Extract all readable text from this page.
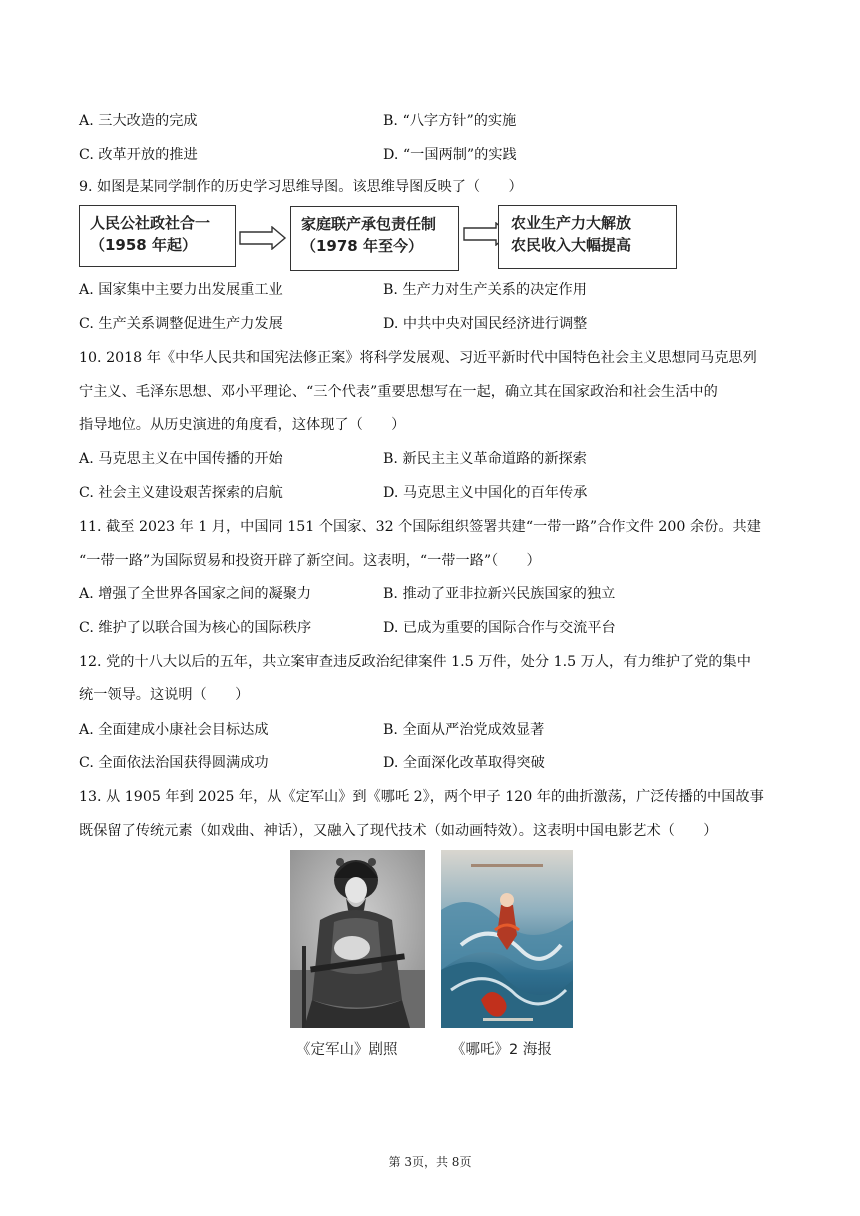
A. 三大改造的完成	B. “八字方针”的实施
C. 改革开放的推进	D. “一国两制”的实践
9. 如图是某同学制作的历史学习思维导图。该思维导图反映了（　　）
人民公社政社合一
（1958 年起）
家庭联产承包责任制
（1978 年至今）
农业生产力大解放
农民收入大幅提高
A. 国家集中主要力出发展重工业	B. 生产力对生产关系的决定作用
C. 生产关系调整促进生产力发展	D. 中共中央对国民经济进行调整
10. 2018 年《中华人民共和国宪法修正案》将科学发展观、习近平新时代中国特色社会主义思想同马克思列
宁主义、毛泽东思想、邓小平理论、“三个代表”重要思想写在一起，确立其在国家政治和社会生活中的
指导地位。从历史演进的角度看，这体现了（　　）
A. 马克思主义在中国传播的开始	B. 新民主主义革命道路的新探索
C. 社会主义建设艰苦探索的启航	D. 马克思主义中国化的百年传承
11. 截至 2023 年 1 月，中国同 151 个国家、32 个国际组织签署共建“一带一路”合作文件 200 余份。共建
“一带一路”为国际贸易和投资开辟了新空间。这表明，“一带一路”（　　）
A. 增强了全世界各国家之间的凝聚力	B. 推动了亚非拉新兴民族国家的独立
C. 维护了以联合国为核心的国际秩序	D. 已成为重要的国际合作与交流平台
12. 党的十八大以后的五年，共立案审查违反政治纪律案件 1.5 万件，处分 1.5 万人，有力维护了党的集中
统一领导。这说明（　　）
A. 全面建成小康社会目标达成	B. 全面从严治党成效显著
C. 全面依法治国获得圆满成功	D. 全面深化改革取得突破
13. 从 1905 年到 2025 年，从《定军山》到《哪吒 2》，两个甲子 120 年的曲折激荡，广泛传播的中国故事
既保留了传统元素（如戏曲、神话），又融入了现代技术（如动画特效）。这表明中国电影艺术（　　）
《定军山》剧照	《哪吒》2 海报
第 3页，共 8页
